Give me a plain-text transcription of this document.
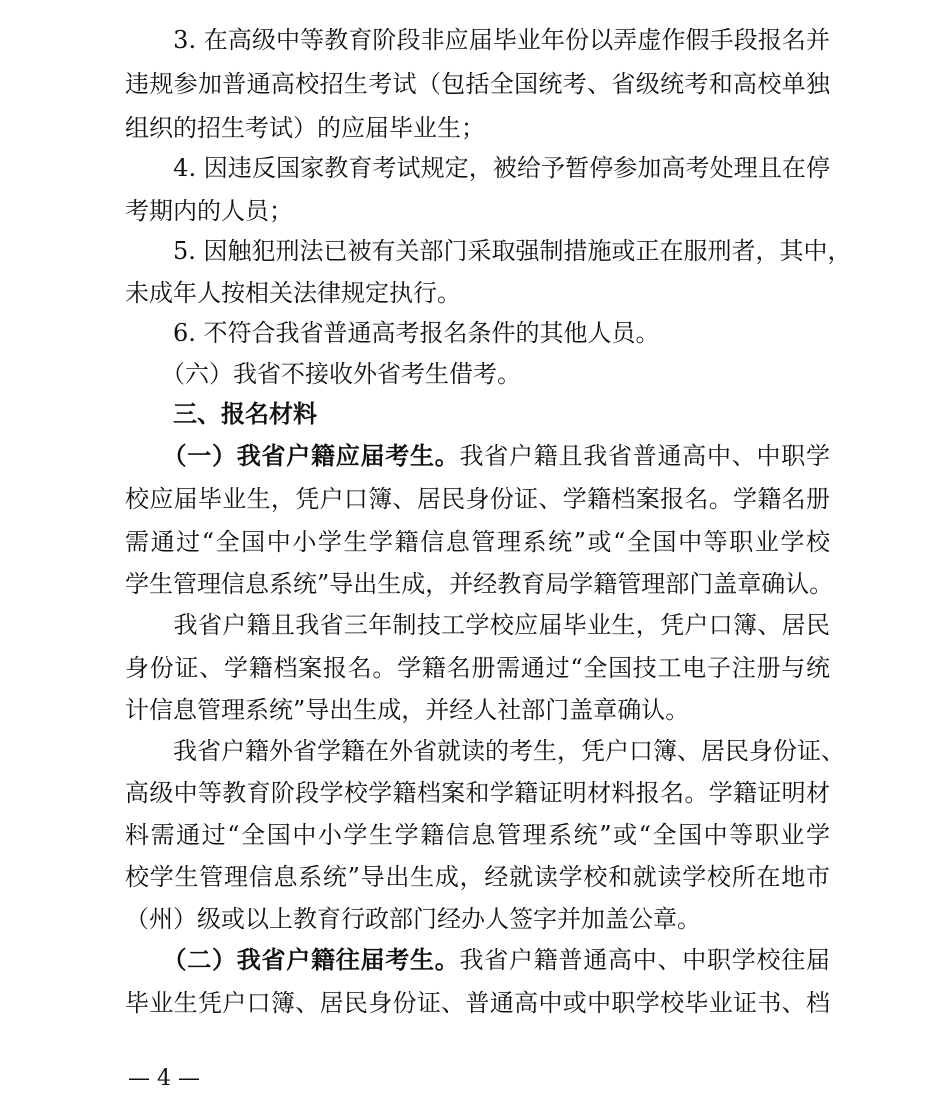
　　3. 在高级中等教育阶段非应届毕业年份以弄虚作假手段报名并
违规参加普通高校招生考试（包括全国统考、省级统考和高校单独
组织的招生考试）的应届毕业生；
　　4. 因违反国家教育考试规定，被给予暂停参加高考处理且在停
考期内的人员；
　　5. 因触犯刑法已被有关部门采取强制措施或正在服刑者，其中，
未成年人按相关法律规定执行。
　　6. 不符合我省普通高考报名条件的其他人员。
　　（六）我省不接收外省考生借考。
　　三、报名材料
　　（一）我省户籍应届考生。我省户籍且我省普通高中、中职学
校应届毕业生，凭户口簿、居民身份证、学籍档案报名。学籍名册
需通过“全国中小学生学籍信息管理系统”或“全国中等职业学校
学生管理信息系统”导出生成，并经教育局学籍管理部门盖章确认。
　　我省户籍且我省三年制技工学校应届毕业生，凭户口簿、居民
身份证、学籍档案报名。学籍名册需通过“全国技工电子注册与统
计信息管理系统”导出生成，并经人社部门盖章确认。
　　我省户籍外省学籍在外省就读的考生，凭户口簿、居民身份证、
高级中等教育阶段学校学籍档案和学籍证明材料报名。学籍证明材
料需通过“全国中小学生学籍信息管理系统”或“全国中等职业学
校学生管理信息系统”导出生成，经就读学校和就读学校所在地市
（州）级或以上教育行政部门经办人签字并加盖公章。
　　（二）我省户籍往届考生。我省户籍普通高中、中职学校往届
毕业生凭户口簿、居民身份证、普通高中或中职学校毕业证书、档
— 4 —
